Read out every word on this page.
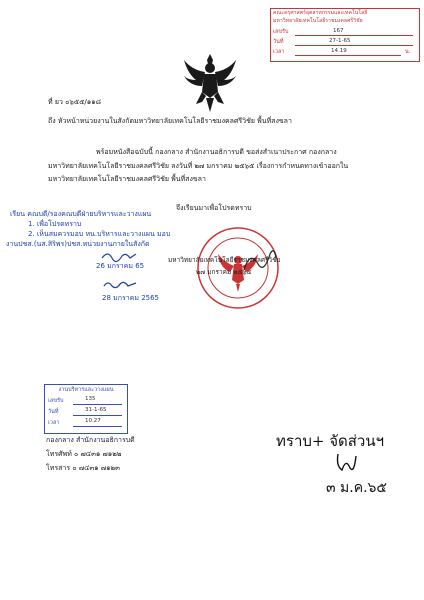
คณะครุศาสตร์อุตสาหกรรมและเทคโนโลยี
มหาวิทยาลัยเทคโนโลยีราชมงคลศรีวิชัย
เลขรับ	167
วันที่	27-1-65
เวลา	14.19	น.
ที่ ยว ๐๖๕๕/๑๑๘
ถึง หัวหน้าหน่วยงานในสังกัดมหาวิทยาลัยเทคโนโลยีราชมงคลศรีวิชัย พื้นที่สงขลา
พร้อมหนังสือฉบับนี้ กองกลาง สำนักงานอธิการบดี ขอส่งสำเนาประกาศ กองกลาง
มหาวิทยาลัยเทคโนโลยีราชมงคลศรีวิชัย ลงวันที่ ๒๗ มกราคม ๒๕๖๕ เรื่องการกำหนดทางเข้าออกใน
มหาวิทยาลัยเทคโนโลยีราชมงคลศรีวิชัย พื้นที่สงขลา
จึงเรียนมาเพื่อโปรดทราบ
เรียน คณบดี/รองคณบดีฝ่ายบริหารและวางแผน
1. เพื่อโปรดทราบ
2. เห็นสมควรมอบ หน.บริหารและวางแผน มอบ
งานปชส.(นส.สิริพร)ปชส.หน่วยงานภายในสังกัด
26 มกราคม 65
28 มกราคม 2565
มหาวิทยาลัยเทคโนโลยีราชมงคลศรีวิชัย
๒๗ มกราคม ๒๕๖๕
งานบริหารและวางแผน
เลขรับ	135
วันที่	31-1-65
เวลา	10.27
กองกลาง สำนักงานอธิการบดี
โทรศัพท์ ๐ ๗๔๓๑ ๗๑๒๒
โทรสาร ๐ ๗๔๓๑ ๗๑๒๓
ทราบ+ จัดส่วนฯ
๓ ม.ค.๖๕
